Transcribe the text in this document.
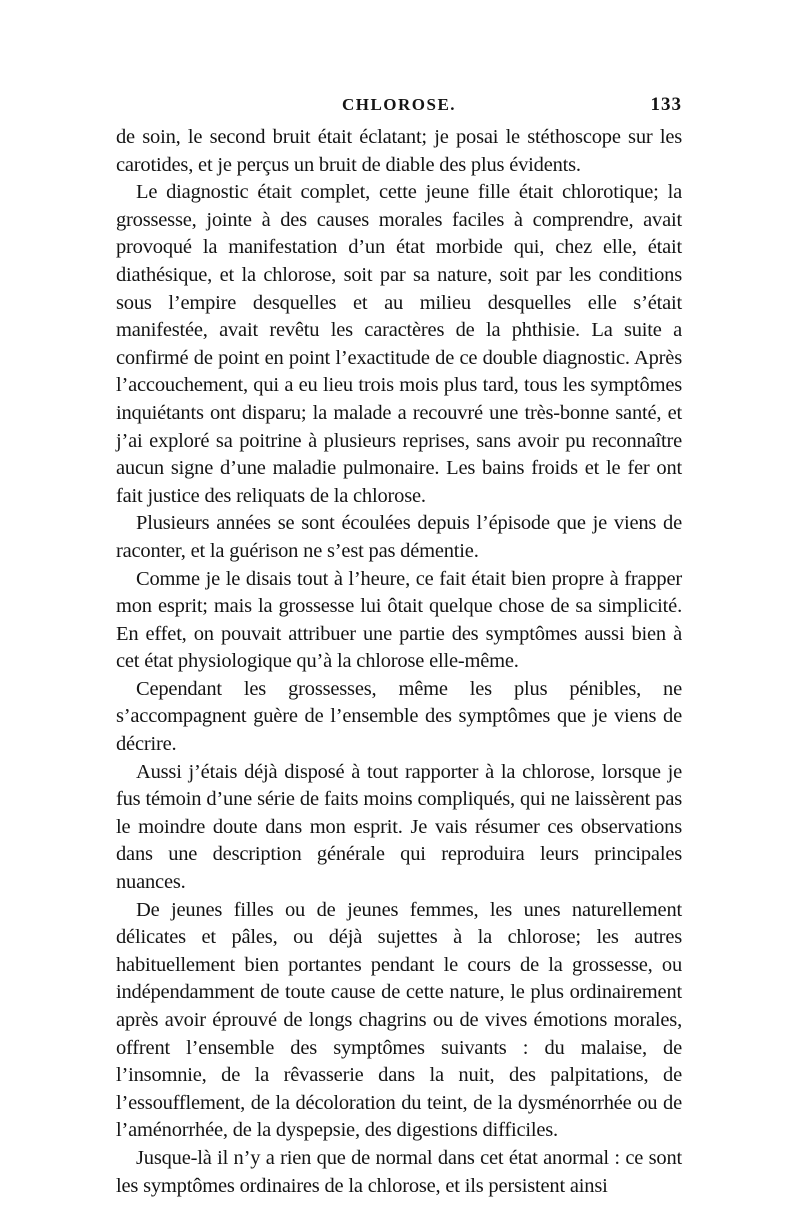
CHLOROSE.	133

de soin, le second bruit était éclatant; je posai le stéthoscope sur les carotides, et je perçus un bruit de diable des plus évidents.

Le diagnostic était complet, cette jeune fille était chlorotique; la grossesse, jointe à des causes morales faciles à comprendre, avait provoqué la manifestation d’un état morbide qui, chez elle, était diathésique, et la chlorose, soit par sa nature, soit par les conditions sous l’empire desquelles et au milieu desquelles elle s’était manifestée, avait revêtu les caractères de la phthisie. La suite a confirmé de point en point l’exactitude de ce double diagnostic. Après l’accouchement, qui a eu lieu trois mois plus tard, tous les symptômes inquiétants ont disparu; la malade a recouvré une très-bonne santé, et j’ai exploré sa poitrine à plusieurs reprises, sans avoir pu reconnaître aucun signe d’une maladie pulmonaire. Les bains froids et le fer ont fait justice des reliquats de la chlorose.

Plusieurs années se sont écoulées depuis l’épisode que je viens de raconter, et la guérison ne s’est pas démentie.

Comme je le disais tout à l’heure, ce fait était bien propre à frapper mon esprit; mais la grossesse lui ôtait quelque chose de sa simplicité. En effet, on pouvait attribuer une partie des symptômes aussi bien à cet état physiologique qu’à la chlorose elle-même.

Cependant les grossesses, même les plus pénibles, ne s’accompagnent guère de l’ensemble des symptômes que je viens de décrire.

Aussi j’étais déjà disposé à tout rapporter à la chlorose, lorsque je fus témoin d’une série de faits moins compliqués, qui ne laissèrent pas le moindre doute dans mon esprit. Je vais résumer ces observations dans une description générale qui reproduira leurs principales nuances.

De jeunes filles ou de jeunes femmes, les unes naturellement délicates et pâles, ou déjà sujettes à la chlorose; les autres habituellement bien portantes pendant le cours de la grossesse, ou indépendamment de toute cause de cette nature, le plus ordinairement après avoir éprouvé de longs chagrins ou de vives émotions morales, offrent l’ensemble des symptômes suivants : du malaise, de l’insomnie, de la rêvasserie dans la nuit, des palpitations, de l’essoufflement, de la décoloration du teint, de la dysménorrhée ou de l’aménorrhée, de la dyspepsie, des digestions difficiles.

Jusque-là il n’y a rien que de normal dans cet état anormal : ce sont les symptômes ordinaires de la chlorose, et ils persistent ainsi
